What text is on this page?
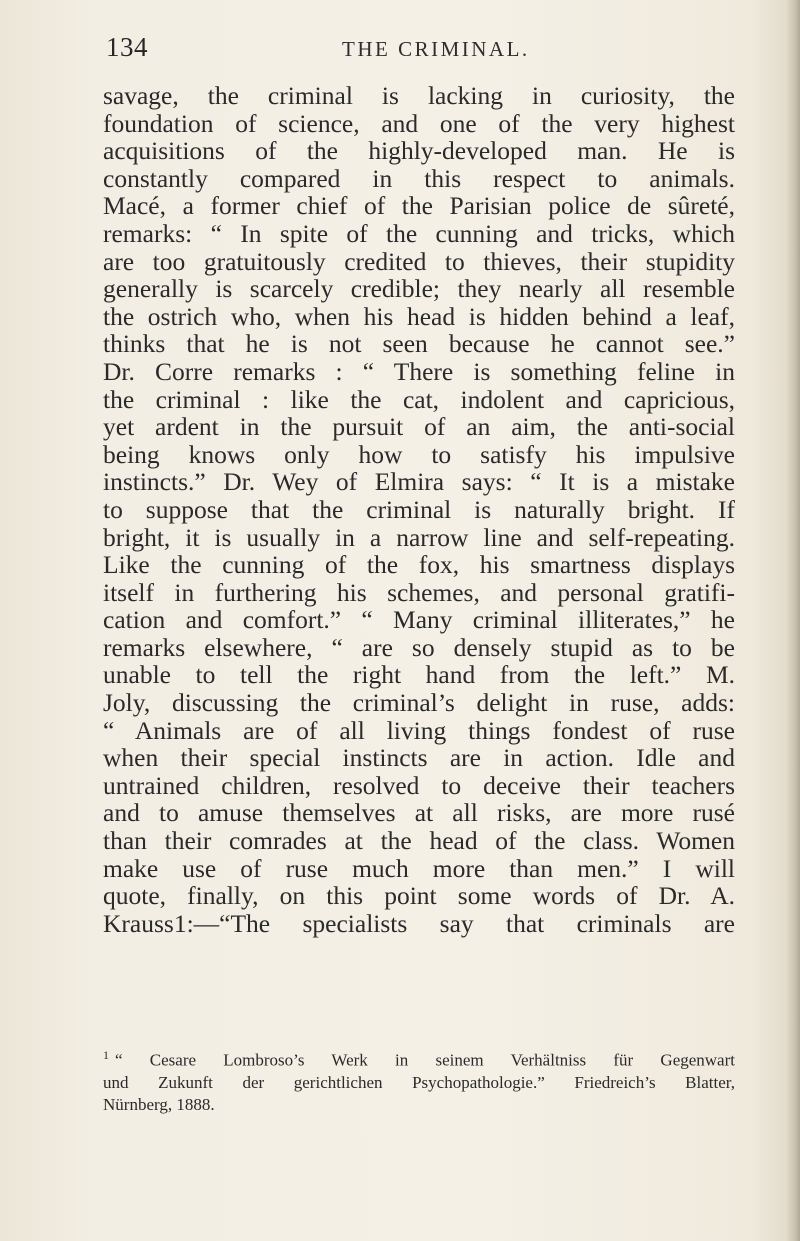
134	THE CRIMINAL.
savage, the criminal is lacking in curiosity, the
foundation of science, and one of the very highest
acquisitions of the highly-developed man. He is
constantly compared in this respect to animals.
Macé, a former chief of the Parisian police de sûreté,
remarks: “ In spite of the cunning and tricks, which
are too gratuitously credited to thieves, their stupidity
generally is scarcely credible; they nearly all resemble
the ostrich who, when his head is hidden behind a leaf,
thinks that he is not seen because he cannot see.”
Dr. Corre remarks : “ There is something feline in
the criminal : like the cat, indolent and capricious,
yet ardent in the pursuit of an aim, the anti-social
being knows only how to satisfy his impulsive
instincts.” Dr. Wey of Elmira says: “ It is a mistake
to suppose that the criminal is naturally bright. If
bright, it is usually in a narrow line and self-repeating.
Like the cunning of the fox, his smartness displays
itself in furthering his schemes, and personal gratifi-
cation and comfort.” “ Many criminal illiterates,” he
remarks elsewhere, “ are so densely stupid as to be
unable to tell the right hand from the left.” M.
Joly, discussing the criminal’s delight in ruse, adds:
“ Animals are of all living things fondest of ruse
when their special instincts are in action. Idle and
untrained children, resolved to deceive their teachers
and to amuse themselves at all risks, are more rusé
than their comrades at the head of the class. Women
make use of ruse much more than men.” I will
quote, finally, on this point some words of Dr. A.
Krauss1:—“The specialists say that criminals are
$^1$ “ Cesare Lombroso’s Werk in seinem Verhältniss für Gegenwart
und Zukunft der gerichtlichen Psychopathologie.” Friedreich’s Blatter,
Nürnberg, 1888.
